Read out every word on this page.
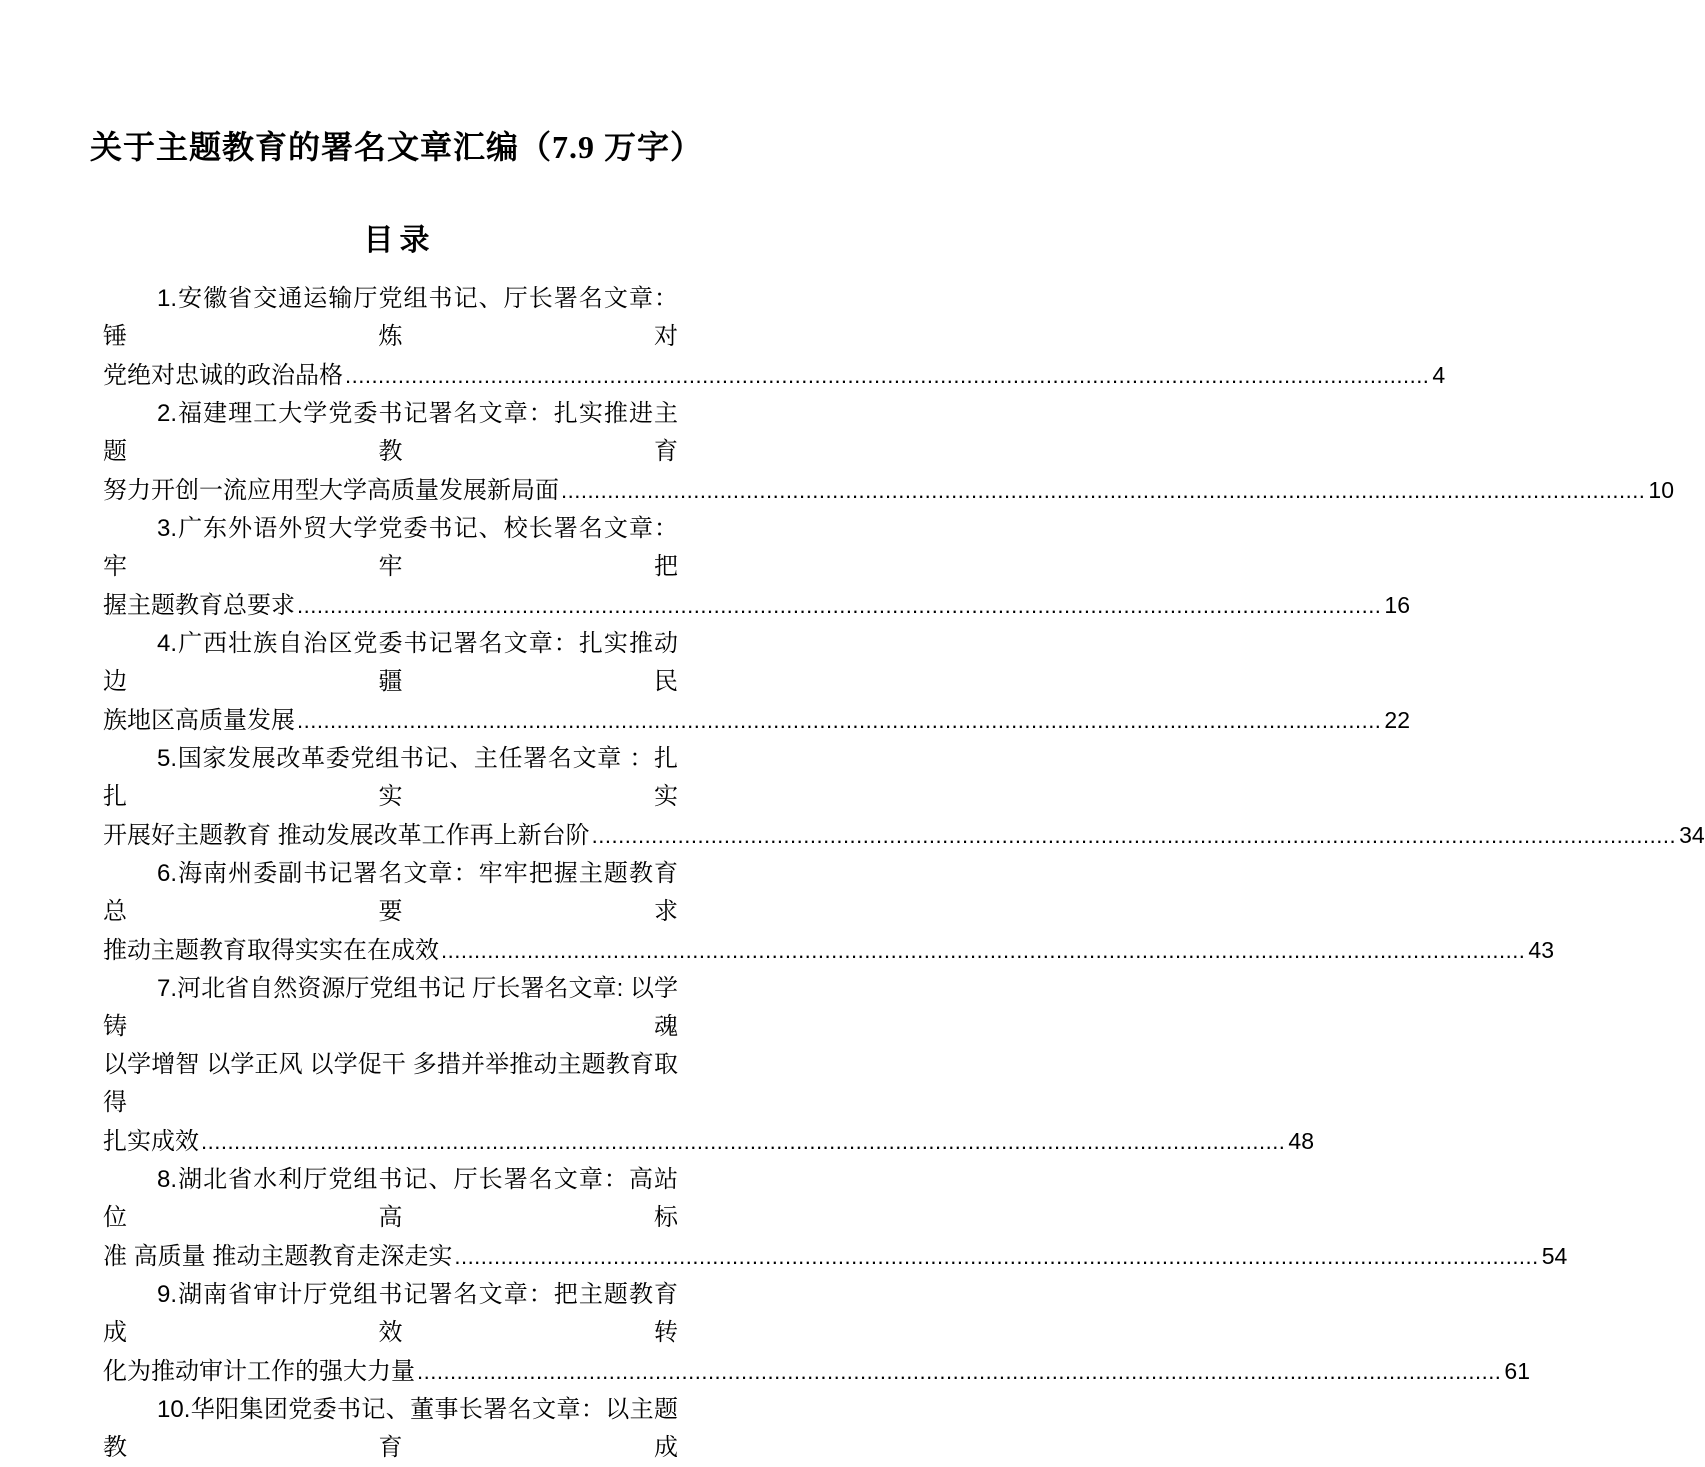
关于主题教育的署名文章汇编（7.9 万字）
目录

1.安徽省交通运输厅党组书记、厅长署名文章：锤炼对

党绝对忠诚的政治品格 .....	4

2.福建理工大学党委书记署名文章：扎实推进主题教育

努力开创一流应用型大学高质量发展新局面 .....	10

3.广东外语外贸大学党委书记、校长署名文章：牢牢把

握主题教育总要求 .....	16

4.广西壮族自治区党委书记署名文章：扎实推动边疆民

族地区高质量发展 .....	22

5.国家发展改革委党组书记、主任署名文章 ：扎扎实实

开展好主题教育 推动发展改革工作再上新台阶 .....	34

6.海南州委副书记署名文章：牢牢把握主题教育总要求

推动主题教育取得实实在在成效 .....	43

7.河北省自然资源厅党组书记 厅长署名文章: 以学铸魂

以学增智 以学正风 以学促干 多措并举推动主题教育取得

扎实成效 .....	48

8.湖北省水利厅党组书记、厅长署名文章：高站位高标

准 高质量 推动主题教育走深走实 .....	54

9.湖南省审计厅党组书记署名文章：把主题教育成效转

化为推动审计工作的强大力量 .....	61

10.华阳集团党委书记、董事长署名文章：以主题教育成
